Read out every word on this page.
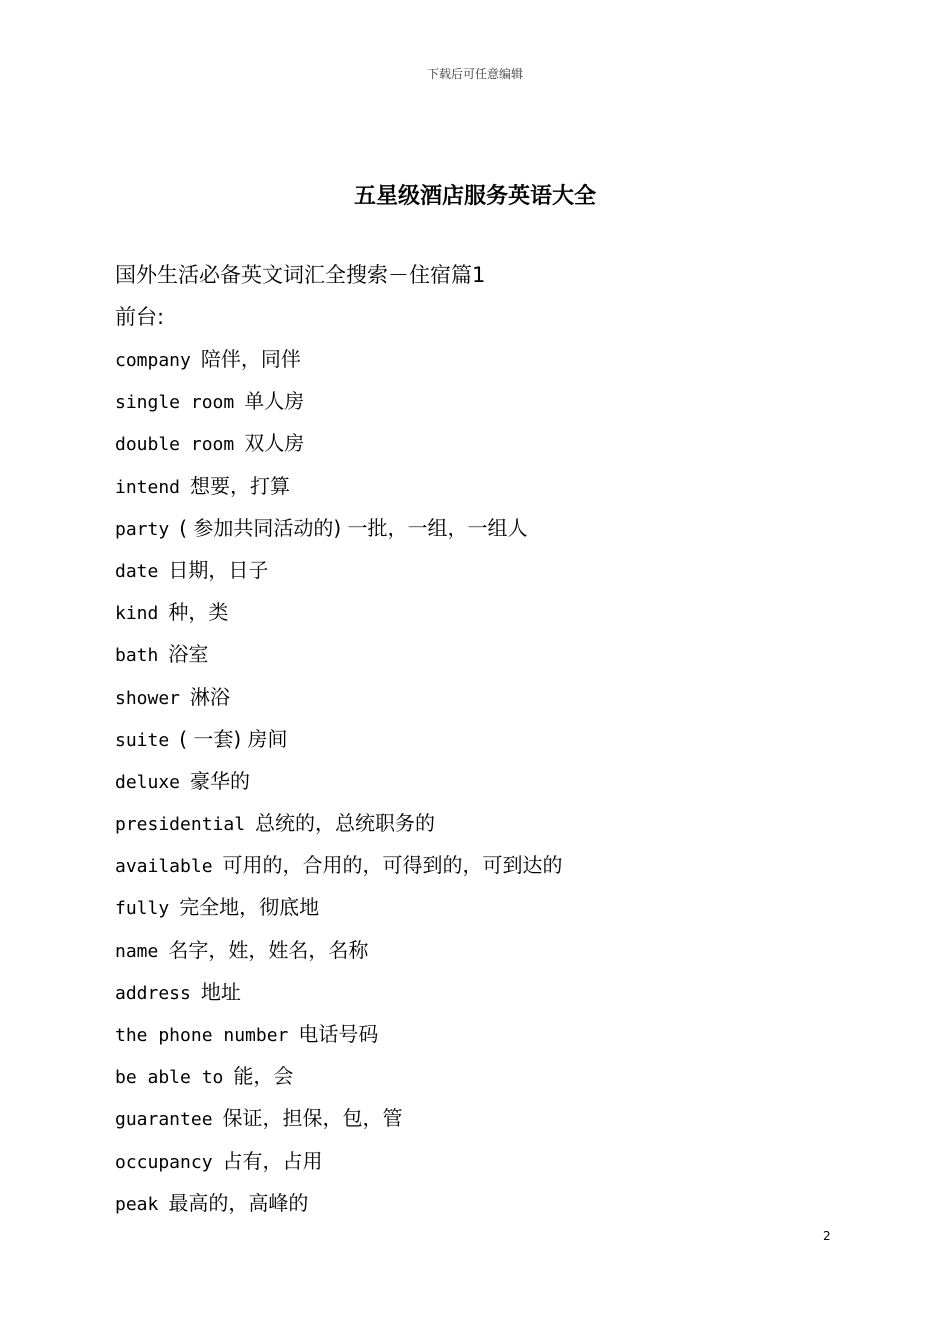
下载后可任意编辑
五星级酒店服务英语大全
国外生活必备英文词汇全搜索－住宿篇1
前台:
company 陪伴，同伴
single room 单人房
double room 双人房
intend 想要，打算
party ( 参加共同活动的) 一批，一组，一组人
date 日期，日子
kind 种，类
bath 浴室
shower 淋浴
suite ( 一套) 房间
deluxe 豪华的
presidential 总统的，总统职务的
available 可用的，合用的，可得到的，可到达的
fully 完全地，彻底地
name 名字，姓，姓名，名称
address 地址
the phone number 电话号码
be able to 能，会
guarantee 保证，担保，包，管
occupancy 占有，占用
peak 最高的，高峰的
2
